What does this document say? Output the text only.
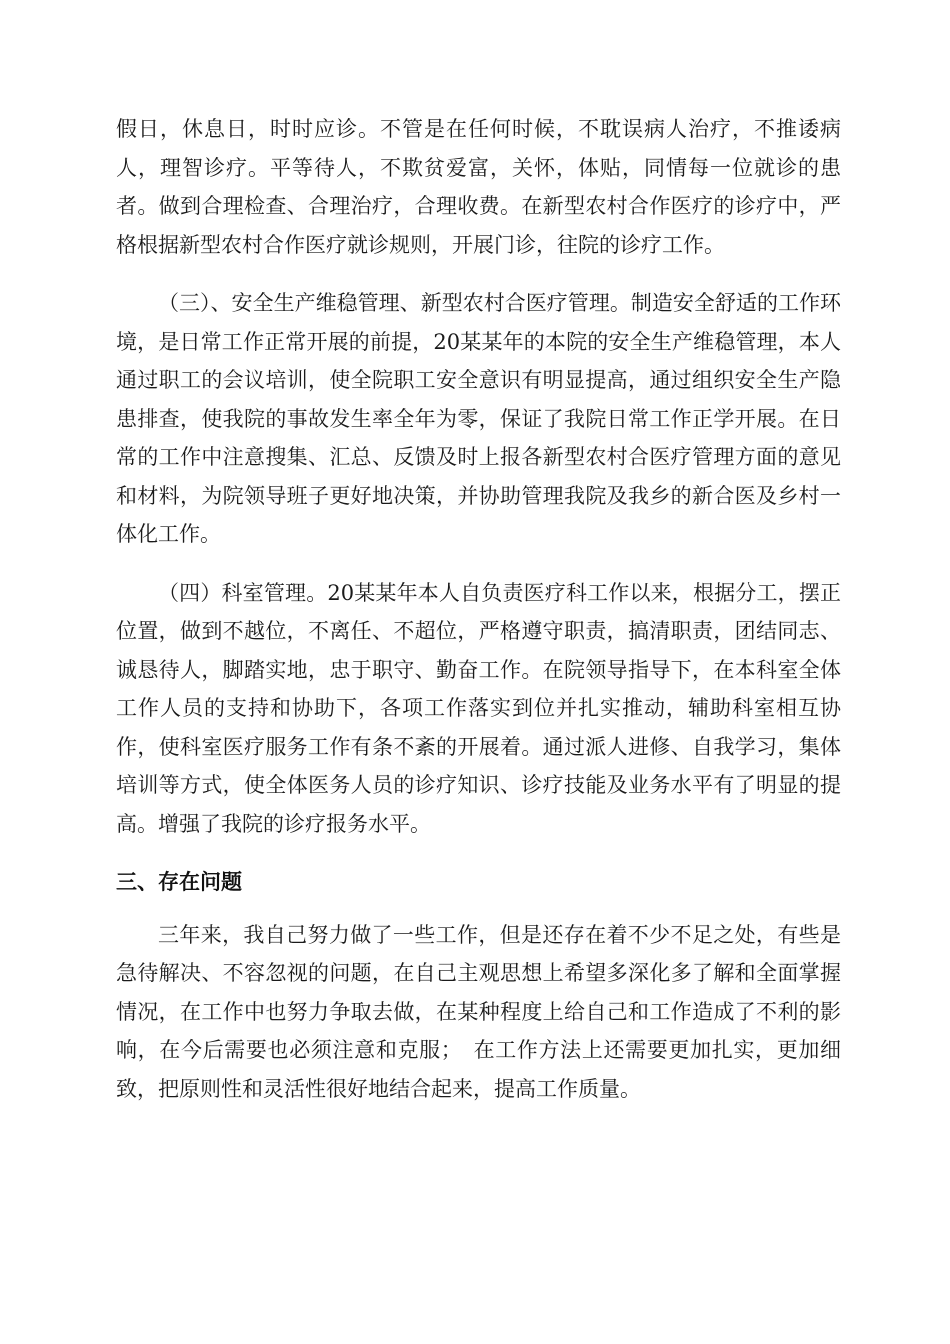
假日，休息日，时时应诊。不管是在任何时候，不耽误病人治疗，不推诿病人，理智诊疗。平等待人，不欺贫爱富，关怀，体贴，同情每一位就诊的患者。做到合理检查、合理治疗，合理收费。在新型农村合作医疗的诊疗中，严格根据新型农村合作医疗就诊规则，开展门诊，往院的诊疗工作。

（三）、安全生产维稳管理、新型农村合医疗管理。制造安全舒适的工作环境，是日常工作正常开展的前提，20某某年的本院的安全生产维稳管理，本人通过职工的会议培训，使全院职工安全意识有明显提高，通过组织安全生产隐患排查，使我院的事故发生率全年为零，保证了我院日常工作正学开展。在日常的工作中注意搜集、汇总、反馈及时上报各新型农村合医疗管理方面的意见和材料，为院领导班子更好地决策，并协助管理我院及我乡的新合医及乡村一体化工作。

（四）科室管理。20某某年本人自负责医疗科工作以来，根据分工，摆正位置，做到不越位，不离任、不超位，严格遵守职责，搞清职责，团结同志、诚恳待人，脚踏实地，忠于职守、勤奋工作。在院领导指导下，在本科室全体工作人员的支持和协助下，各项工作落实到位并扎实推动，辅助科室相互协作，使科室医疗服务工作有条不紊的开展着。通过派人进修、自我学习，集体培训等方式，使全体医务人员的诊疗知识、诊疗技能及业务水平有了明显的提高。增强了我院的诊疗报务水平。

三、存在问题

三年来，我自己努力做了一些工作，但是还存在着不少不足之处，有些是急待解决、不容忽视的问题，在自己主观思想上希望多深化多了解和全面掌握情况，在工作中也努力争取去做，在某种程度上给自己和工作造成了不利的影响，在今后需要也必须注意和克服；　在工作方法上还需要更加扎实，更加细致，把原则性和灵活性很好地结合起来，提高工作质量。
